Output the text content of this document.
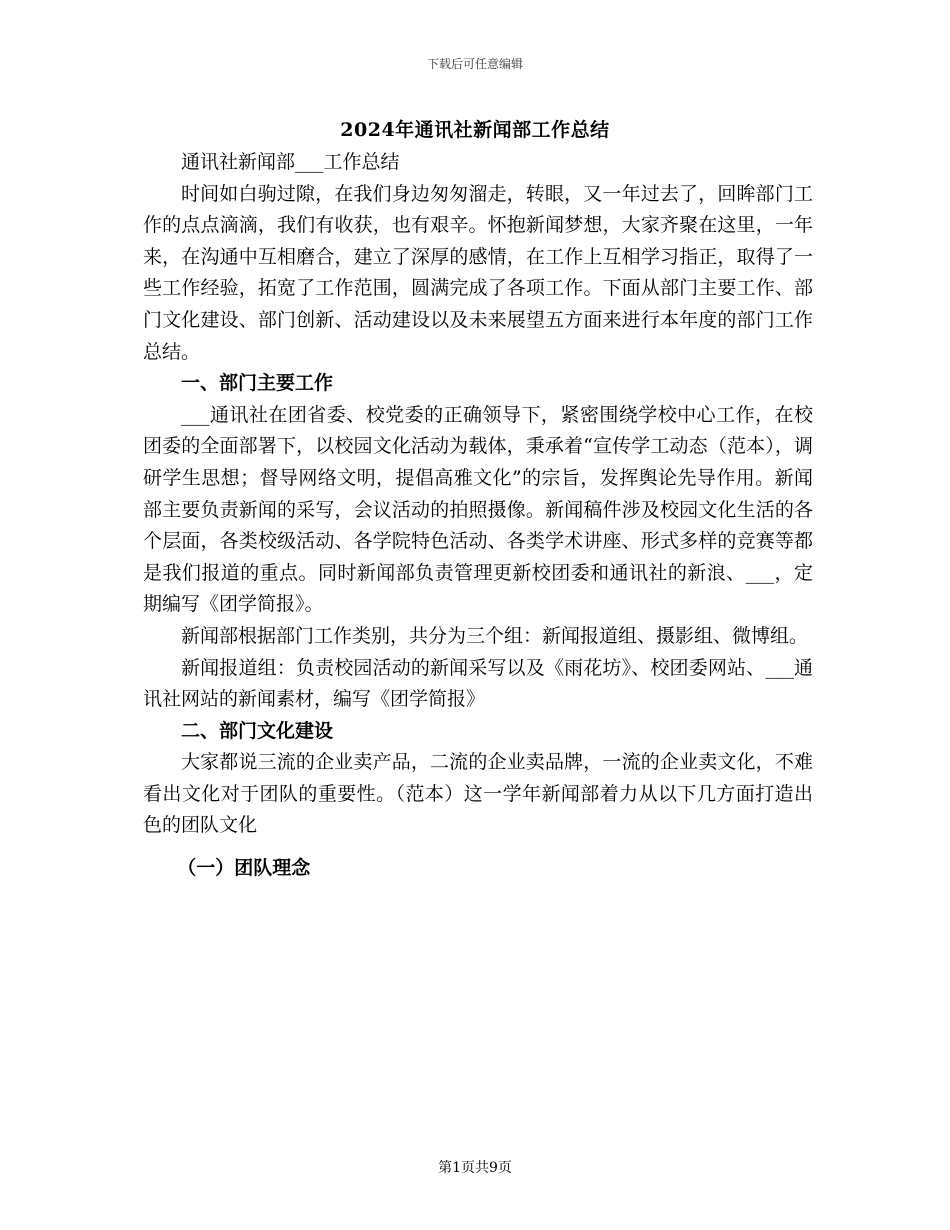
下载后可任意编辑
2024年通讯社新闻部工作总结

通讯社新闻部___工作总结

时间如白驹过隙，在我们身边匆匆溜走，转眼，又一年过去了，回眸部门工作的点点滴滴，我们有收获，也有艰辛。怀抱新闻梦想，大家齐聚在这里，一年来，在沟通中互相磨合，建立了深厚的感情，在工作上互相学习指正，取得了一些工作经验，拓宽了工作范围，圆满完成了各项工作。下面从部门主要工作、部门文化建设、部门创新、活动建设以及未来展望五方面来进行本年度的部门工作总结。

一、部门主要工作

___通讯社在团省委、校党委的正确领导下，紧密围绕学校中心工作，在校团委的全面部署下，以校园文化活动为载体，秉承着“宣传学工动态（范本），调研学生思想；督导网络文明，提倡高雅文化”的宗旨，发挥舆论先导作用。新闻部主要负责新闻的采写，会议活动的拍照摄像。新闻稿件涉及校园文化生活的各个层面，各类校级活动、各学院特色活动、各类学术讲座、形式多样的竞赛等都是我们报道的重点。同时新闻部负责管理更新校团委和通讯社的新浪、___，定期编写《团学简报》。

新闻部根据部门工作类别，共分为三个组：新闻报道组、摄影组、微博组。

新闻报道组：负责校园活动的新闻采写以及《雨花坊》、校团委网站、___通讯社网站的新闻素材，编写《团学简报》

二、部门文化建设

大家都说三流的企业卖产品，二流的企业卖品牌，一流的企业卖文化，不难看出文化对于团队的重要性。（范本）这一学年新闻部着力从以下几方面打造出色的团队文化

（一）团队理念
第1页共9页
